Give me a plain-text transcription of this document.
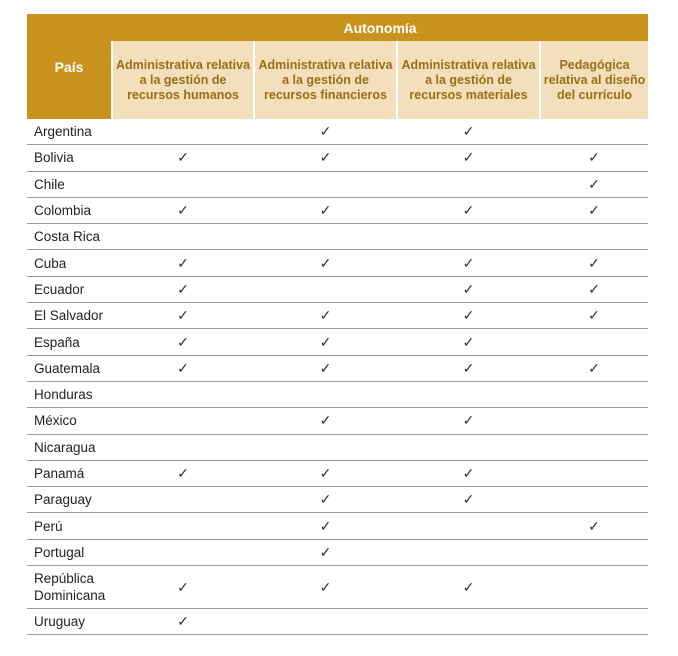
País	Autonomía			
	Administrativa relativa a la gestión de recursos humanos	Administrativa relativa a la gestión de recursos financieros	Administrativa relativa a la gestión de recursos materiales	Pedagógica relativa al diseño del currículo
Argentina		✓	✓	
Bolivia	✓	✓	✓	✓
Chile				✓
Colombia	✓	✓	✓	✓
Costa Rica				
Cuba	✓	✓	✓	✓
Ecuador	✓		✓	✓
El Salvador	✓	✓	✓	✓
España	✓	✓	✓	
Guatemala	✓	✓	✓	✓
Honduras				
México		✓	✓	
Nicaragua				
Panamá	✓	✓	✓	
Paraguay		✓	✓	
Perú		✓		✓
Portugal		✓		
República Dominicana	✓	✓	✓	
Uruguay	✓			
